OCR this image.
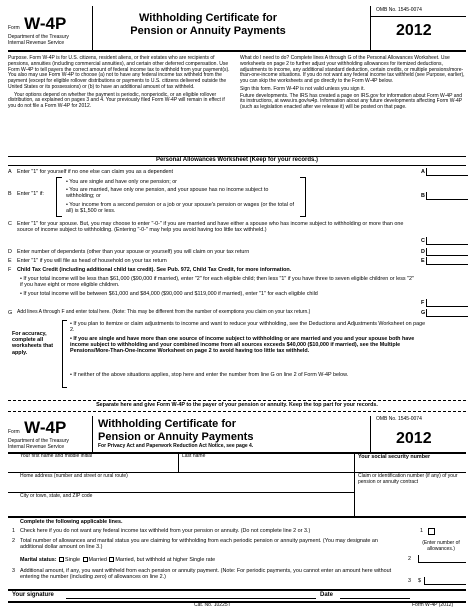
Form W-4P
Department of the Treasury
Internal Revenue Service
Withholding Certificate for
Pension or Annuity Payments
OMB No. 1545-0074
2012
Purpose. Form W-4P is for U.S. citizens, resident aliens, or their estates who are recipients of pensions, annuities (including commercial annuities), and certain other deferred compensation. Use Form W-4P to tell payers the correct amount of federal income tax to withhold from your payment(s). You also may use Form W-4P to choose (a) not to have any federal income tax withheld from the payment (except for eligible rollover distributions or payments to U.S. citizens delivered outside the United States or its possessions) or (b) to have an additional amount of tax withheld.
Your options depend on whether the payment is periodic, nonperiodic, or an eligible rollover distribution, as explained on pages 3 and 4. Your previously filed Form W-4P will remain in effect if you do not file a Form W-4P for 2012.
What do I need to do? Complete lines A through G of the Personal Allowances Worksheet. Use worksheets on page 2 to further adjust your withholding allowances for itemized deductions, adjustments to income, any additional standard deduction, certain credits, or multiple pensions/more-than-one-income situations. If you do not want any federal income tax withheld (see Purpose, earlier), you can skip the worksheets and go directly to the Form W-4P below.
Sign this form. Form W-4P is not valid unless you sign it.
Future developments. The IRS has created a page on IRS.gov for information about Form W-4P and its instructions, at www.irs.gov/w4p. Information about any future developments affecting Form W-4P (such as legislation enacted after we release it) will be posted on that page.
Personal Allowances Worksheet (Keep for your records.)
A Enter "1" for yourself if no one else can claim you as a dependent	A
B Enter "1" if:
• You are single and have only one pension; or
• You are married, have only one pension, and your spouse has no income subject to withholding; or
• Your income from a second pension or a job or your spouse's pension or wages (or the total of all) is $1,500 or less.
B
C Enter "1" for your spouse. But, you may choose to enter "-0-" if you are married and have either a spouse who has income subject to withholding or more than one source of income subject to withholding. (Entering "-0-" may help you avoid having too little tax withheld.)
C
D Enter number of dependents (other than your spouse or yourself) you will claim on your tax return	D
E Enter "1" if you will file as head of household on your tax return	E
F Child Tax Credit (including additional child tax credit). See Pub. 972, Child Tax Credit, for more information.
• If your total income will be less than $61,000 ($90,000 if married), enter "2" for each eligible child; then less "1" if you have three to seven eligible children or less "2" if you have eight or more eligible children.
• If your total income will be between $61,000 and $84,000 ($90,000 and $119,000 if married), enter "1" for each eligible child
F
G Add lines A through F and enter total here. (Note: This may be different from the number of exemptions you claim on your tax return.)	G
For accuracy, complete all worksheets that apply.
• If you plan to itemize or claim adjustments to income and want to reduce your withholding, see the Deductions and Adjustments Worksheet on page 2.
• If you are single and have more than one source of income subject to withholding or are married and you and your spouse both have income subject to withholding and your combined income from all sources exceeds $40,000 ($10,000 if married), see the Multiple Pensions/More-Than-One-Income Worksheet on page 2 to avoid having too little tax withheld.
• If neither of the above situations applies, stop here and enter the number from line G on line 2 of Form W-4P below.
Separate here and give Form W-4P to the payer of your pension or annuity. Keep the top part for your records.
Form W-4P
Department of the Treasury
Internal Revenue Service
Withholding Certificate for
Pension or Annuity Payments
For Privacy Act and Paperwork Reduction Act Notice, see page 4.
OMB No. 1545-0074
2012
Your first name and middle initial	Last name	Your social security number
Home address (number and street or rural route)	Claim or identification number (if any) of your pension or annuity contract
City or town, state, and ZIP code
Complete the following applicable lines.
1 Check here if you do not want any federal income tax withheld from your pension or annuity. (Do not complete line 2 or 3.)	1
2 Total number of allowances and marital status you are claiming for withholding from each periodic pension or annuity payment. (You may designate an additional dollar amount on line 3.)
Marital status: Single Married Married, but withhold at higher Single rate
(Enter number of allowances.)
2
3 Additional amount, if any, you want withheld from each pension or annuity payment. (Note: For periodic payments, you cannot enter an amount here without entering the number (including zero) of allowances on line 2.)
3 $
Your signature	Date
Cat. No. 10225T	Form W-4P (2012)
